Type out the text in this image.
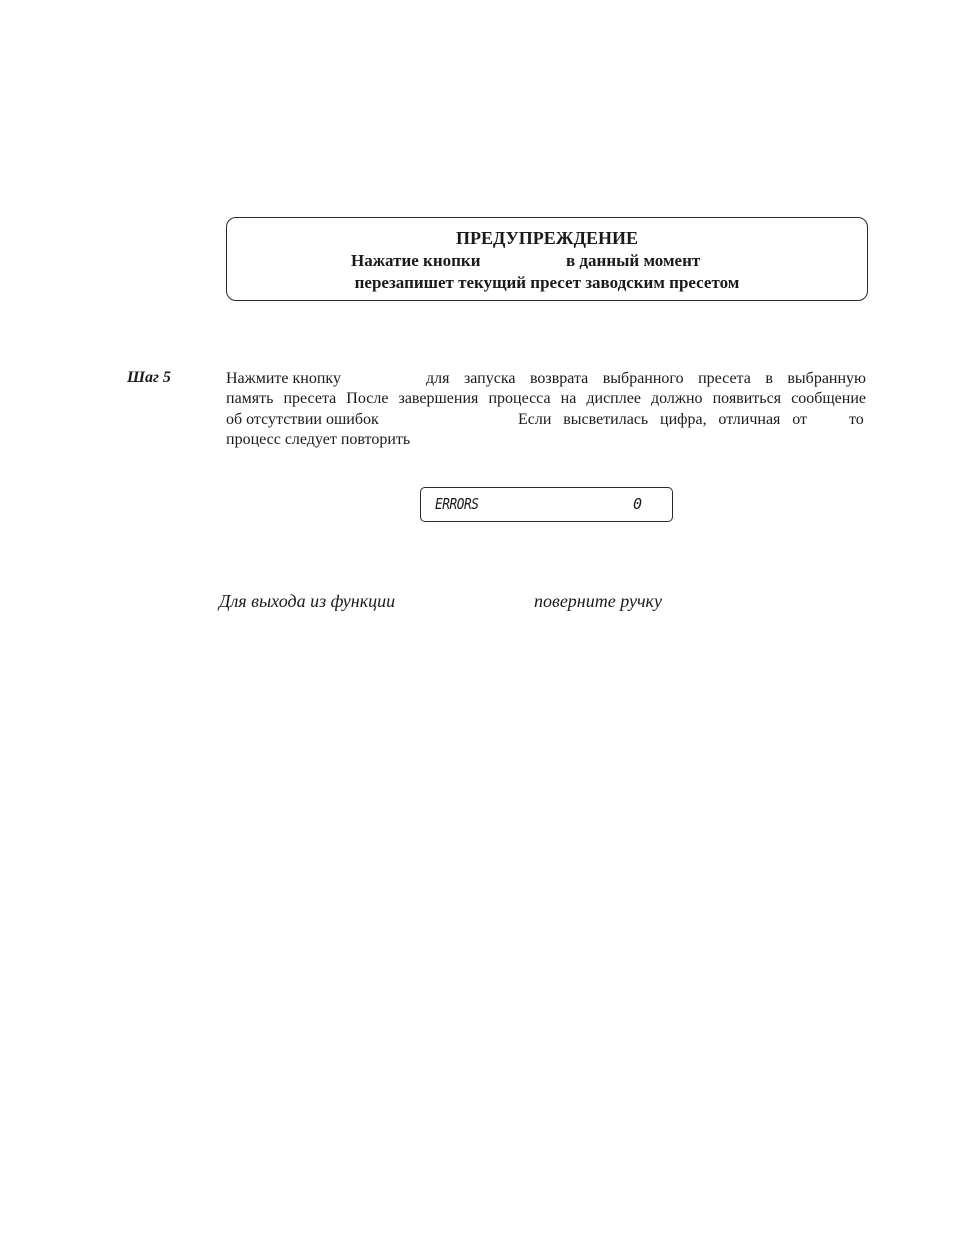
ПРЕДУПРЕЖДЕНИЕ
Нажатие кнопки	в данный момент
перезапишет текущий пресет заводским пресетом
Шаг 5	Нажмите кнопку	для запуска возврата выбранного пресета в выбранную
память пресета После завершения процесса на дисплее должно появиться сообщение
об отсутствии ошибок	Если высветилась цифра, отличная от	то
процесс следует повторить
ERRORS	0
Для выхода из функции	поверните ручку
